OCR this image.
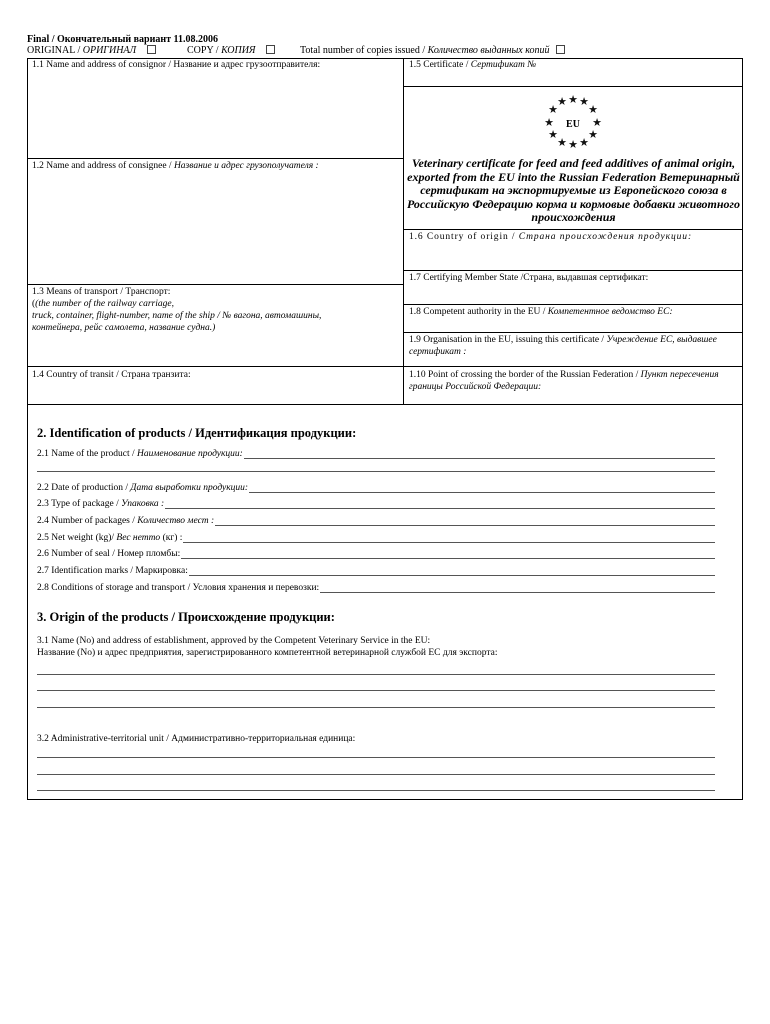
Final / Окончательный вариант 11.08.2006
ORIGINAL / ОРИГИНАЛ	COPY / КОПИЯ	Total number of copies issued / Количество выданных копий
1.1 Name and address of consignor / Название и адрес грузоотправителя:	1.5 Certificate / Сертификат №
★ ★ ★
★	★
★	★
★	★
★ ★ ★
EU
Veterinary certificate for feed and feed additives of animal origin, exported from the EU into the Russian Federation Ветеринарный сертификат на экспортируемые из Европейского союза в Российскую Федерацию корма и кормовые добавки животного происхождения
1.2 Name and address of consignee / Название и адрес грузополучателя :
1.6 Country of origin / Страна происхождения продукции:
1.7 Certifying Member State /Страна, выдавшая сертификат:
1.3 Means of transport / Транспорт:
((the number of the railway carriage,
truck, container, flight-number, name of the ship / № вагона, автомашины,
контейнера, рейс самолета, название судна.)
1.8 Competent authority in the EU / Компетентное ведомство ЕС:
1.9 Organisation in the EU, issuing this certificate / Учреждение ЕС, выдавшее сертификат :
1.4 Country of transit / Страна транзита:	1.10 Point of crossing the border of the Russian Federation / Пункт пересечения границы Российской Федерации:
2. Identification of products / Идентификация продукции:
2.1 Name of the product / Наименование продукции:
2.2 Date of production / Дата выработки продукции:
2.3 Type of package / Упаковка :
2.4 Number of packages / Количество мест :
2.5 Net weight (kg)/ Вес нетто (кг) :
2.6 Number of seal / Номер пломбы:
2.7 Identification marks / Маркировка:
2.8 Conditions of storage and transport / Условия хранения и перевозки:
3. Origin of the products / Происхождение продукции:
3.1 Name (No) and address of establishment, approved by the Competent Veterinary Service in the EU:
Название (No) и адрес предприятия, зарегистрированного компетентной ветеринарной службой ЕС для экспорта:
3.2 Administrative-territorial unit / Административно-территориальная единица:
